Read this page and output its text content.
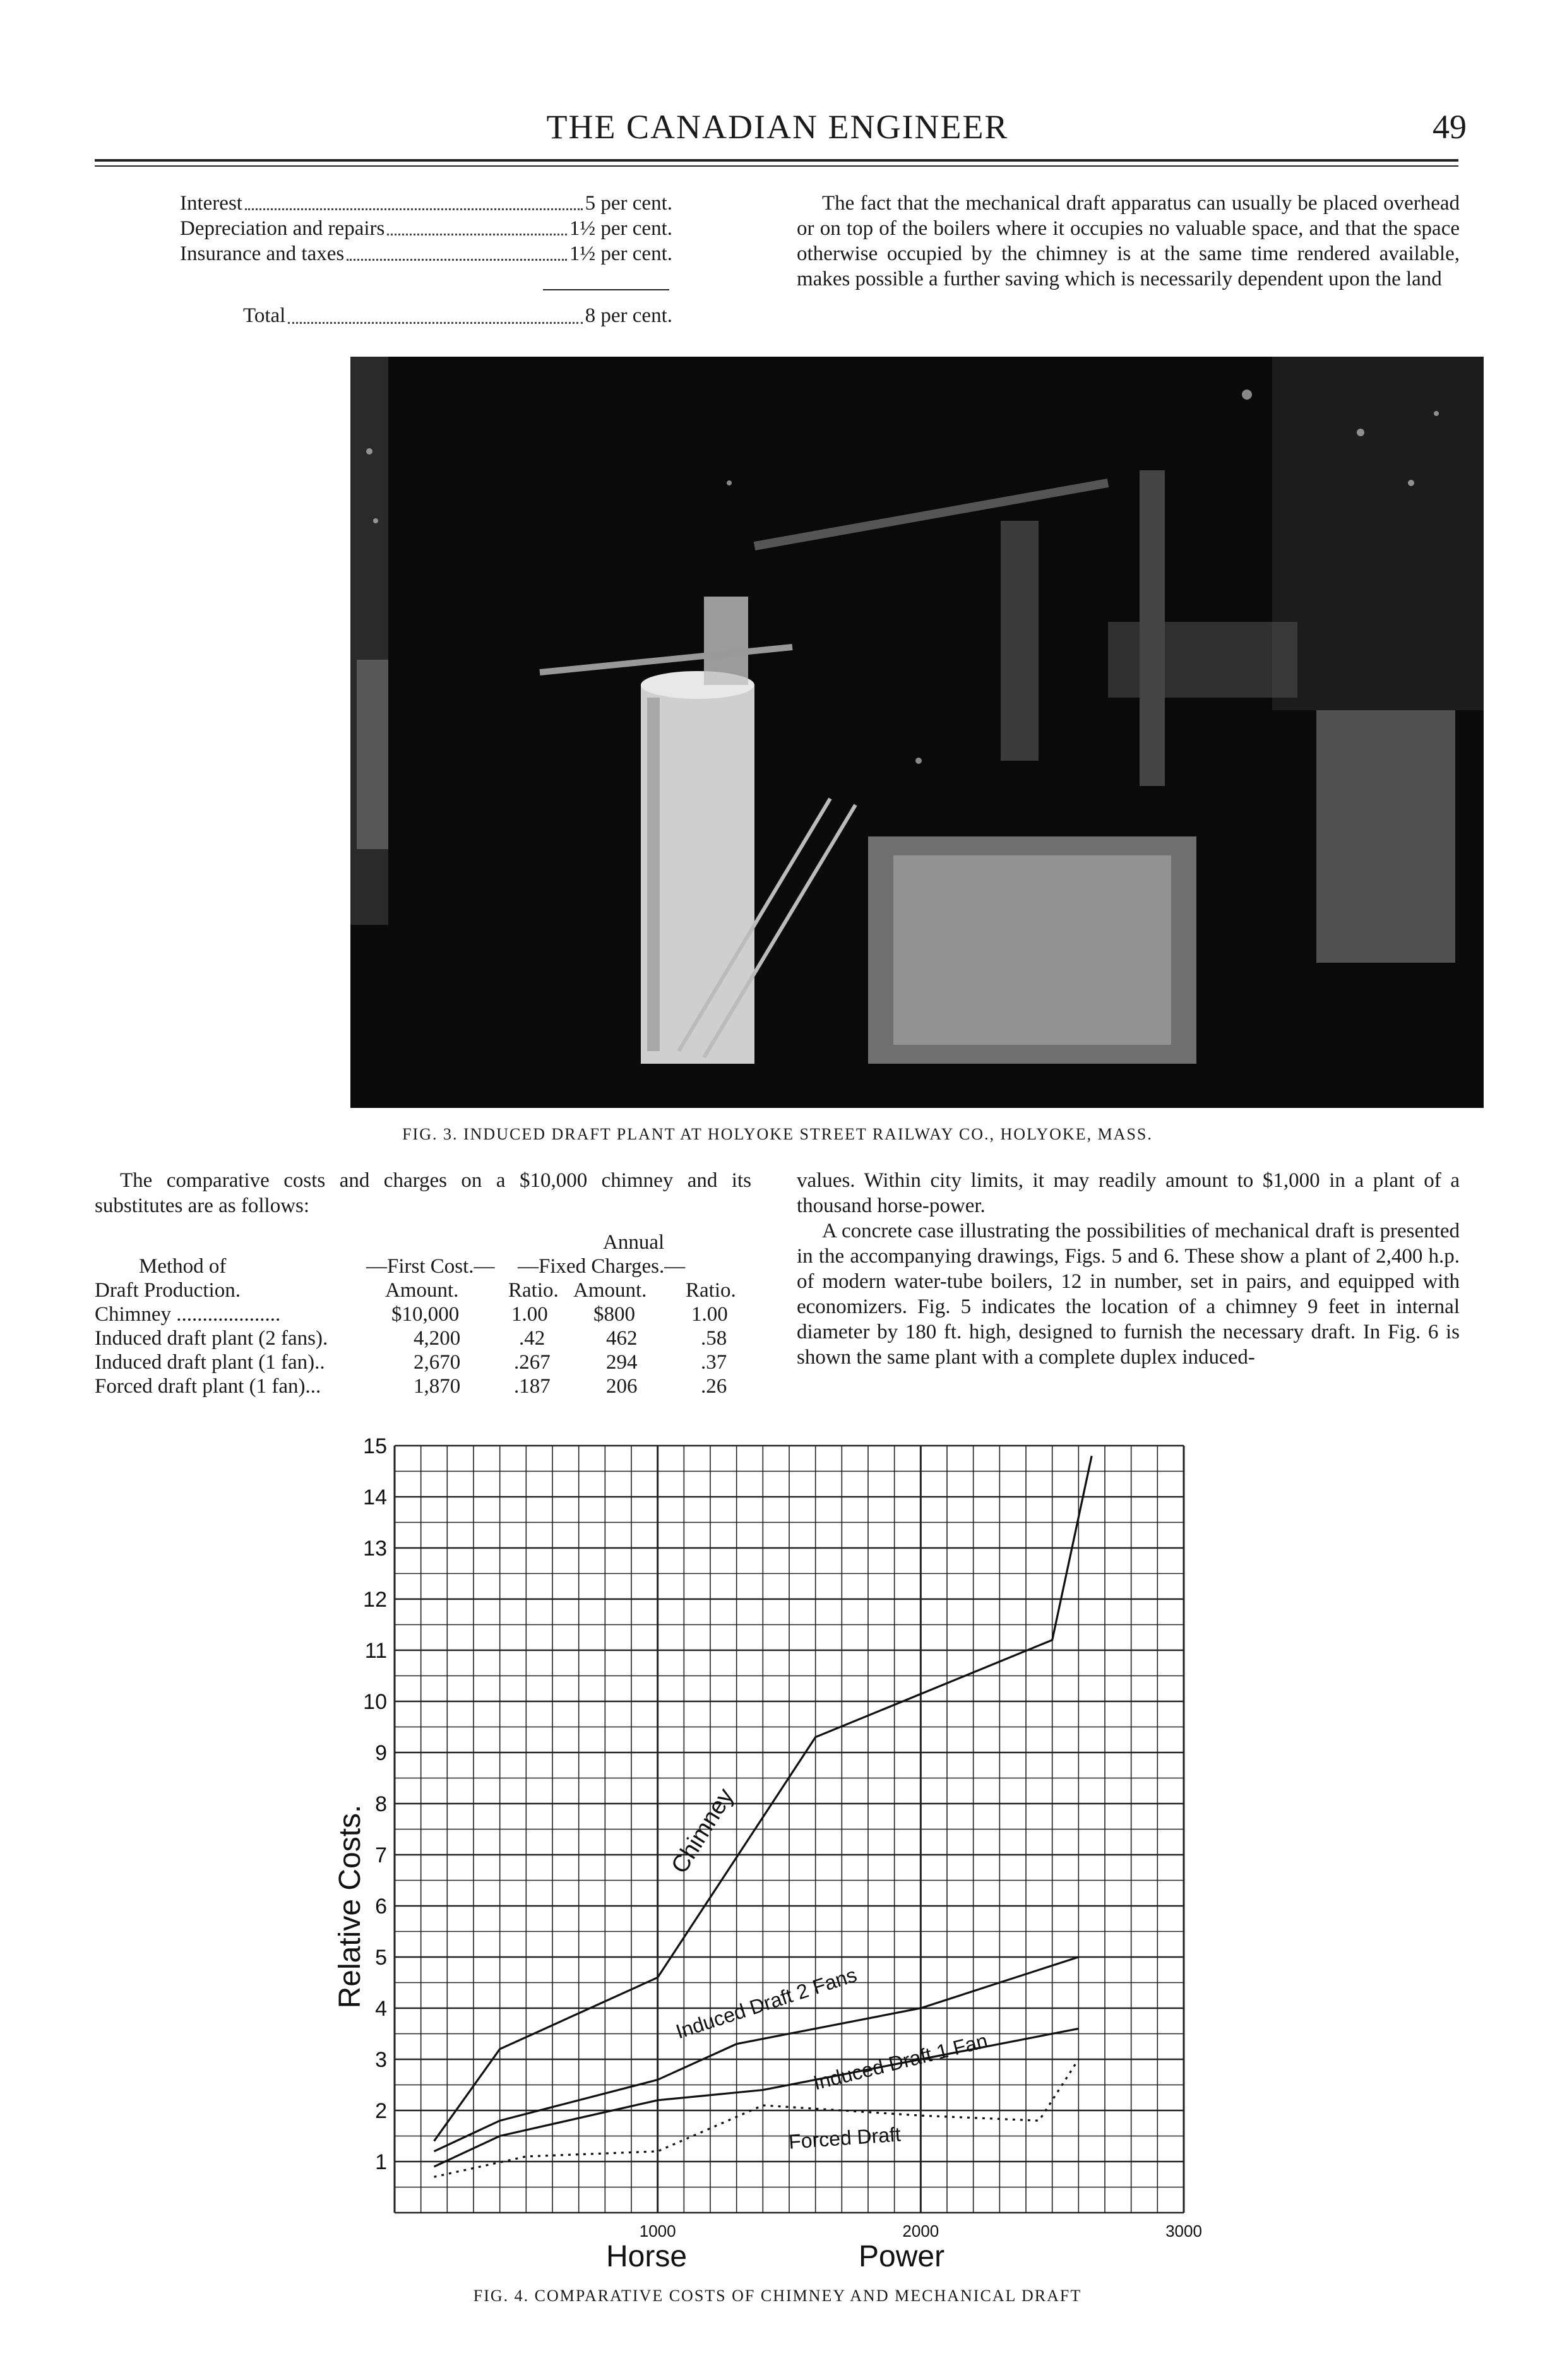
THE CANADIAN ENGINEER	49
Interest	5 per cent.
Depreciation and repairs	1½ per cent.
Insurance and taxes	1½ per cent.
Total	8 per cent.
The fact that the mechanical draft apparatus can usually be placed overhead or on top of the boilers where it occupies no valuable space, and that the space otherwise occupied by the chimney is at the same time rendered available, makes possible a further saving which is necessarily dependent upon the land
FIG. 3. INDUCED DRAFT PLANT AT HOLYOKE STREET RAILWAY CO., HOLYOKE, MASS.
The comparative costs and charges on a $10,000 chimney and its substitutes are as follows:
values. Within city limits, it may readily amount to $1,000 in a plant of a thousand horse-power.
A concrete case illustrating the possibilities of mechanical draft is presented in the accompanying drawings, Figs. 5 and 6. These show a plant of 2,400 h.p. of modern water-tube boilers, 12 in number, set in pairs, and equipped with economizers. Fig. 5 indicates the location of a chimney 9 feet in internal diameter by 180 ft. high, designed to furnish the necessary draft. In Fig. 6 is shown the same plant with a complete duplex induced-
Annual
Method of
Draft Production.
—First Cost.— —Fixed Charges.—
Amount. Ratio. Amount. Ratio.
Chimney ....................	$10,000	1.00 $800	1.00
Induced draft plant (2 fans).	4,200	.42	462	.58
Induced draft plant (1 fan)..	2,670	.267	294	.37
Forced draft plant (1 fan)...	1,870	.187	206	.26
1
2
3
4
5
6
7
8
9
10
11
12
13
14
15
1000	2000	3000
Chimney
Induced Draft 2 Fans
Induced Draft 1 Fan
Forced Draft
Relative Costs.
Horse	Power
FIG. 4. COMPARATIVE COSTS OF CHIMNEY AND MECHANICAL DRAFT
